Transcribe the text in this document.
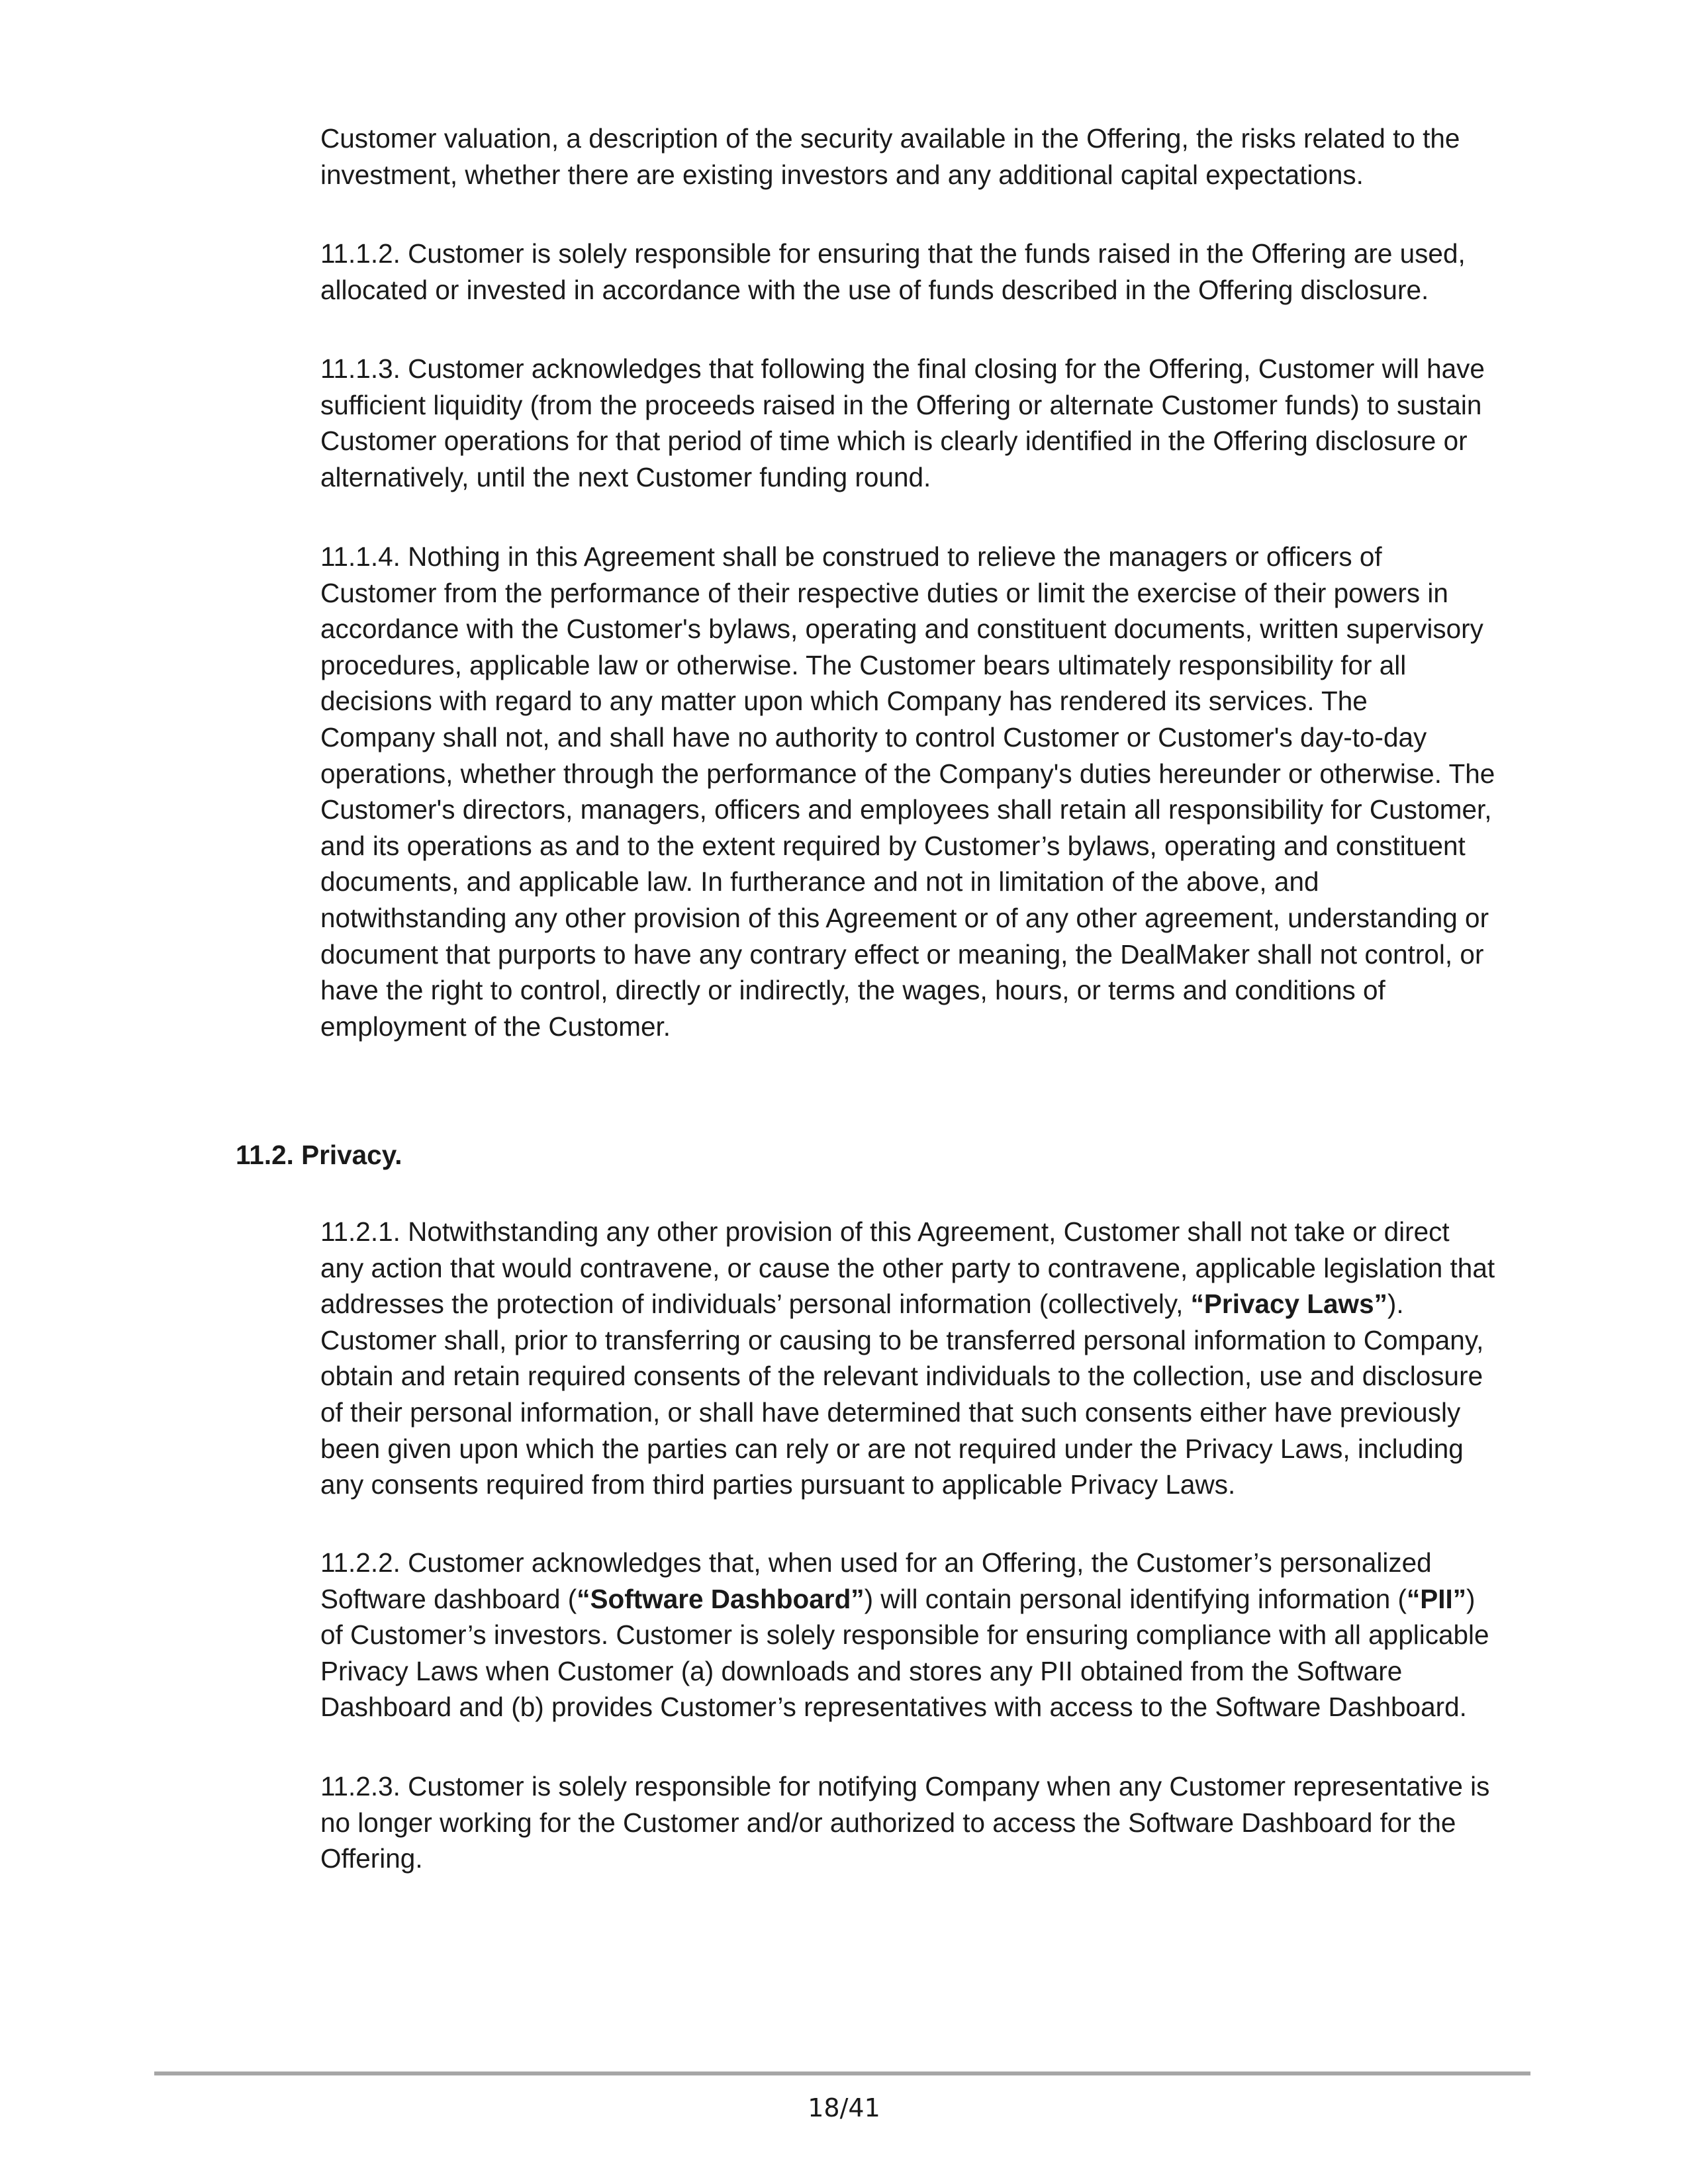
Customer valuation, a description of the security available in the Offering, the risks related to the
investment, whether there are existing investors and any additional capital expectations.

11.1.2. Customer is solely responsible for ensuring that the funds raised in the Offering are used,
allocated or invested in accordance with the use of funds described in the Offering disclosure.

11.1.3. Customer acknowledges that following the final closing for the Offering, Customer will have
sufficient liquidity (from the proceeds raised in the Offering or alternate Customer funds) to sustain
Customer operations for that period of time which is clearly identified in the Offering disclosure or
alternatively, until the next Customer funding round.

11.1.4. Nothing in this Agreement shall be construed to relieve the managers or officers of
Customer from the performance of their respective duties or limit the exercise of their powers in
accordance with the Customer's bylaws, operating and constituent documents, written supervisory
procedures, applicable law or otherwise. The Customer bears ultimately responsibility for all
decisions with regard to any matter upon which Company has rendered its services. The
Company shall not, and shall have no authority to control Customer or Customer's day-to-day
operations, whether through the performance of the Company's duties hereunder or otherwise. The
Customer's directors, managers, officers and employees shall retain all responsibility for Customer,
and its operations as and to the extent required by Customer’s bylaws, operating and constituent
documents, and applicable law. In furtherance and not in limitation of the above, and
notwithstanding any other provision of this Agreement or of any other agreement, understanding or
document that purports to have any contrary effect or meaning, the DealMaker shall not control, or
have the right to control, directly or indirectly, the wages, hours, or terms and conditions of
employment of the Customer.

11.2. Privacy.

11.2.1. Notwithstanding any other provision of this Agreement, Customer shall not take or direct
any action that would contravene, or cause the other party to contravene, applicable legislation that
addresses the protection of individuals’ personal information (collectively, “Privacy Laws”).
Customer shall, prior to transferring or causing to be transferred personal information to Company,
obtain and retain required consents of the relevant individuals to the collection, use and disclosure
of their personal information, or shall have determined that such consents either have previously
been given upon which the parties can rely or are not required under the Privacy Laws, including
any consents required from third parties pursuant to applicable Privacy Laws.

11.2.2. Customer acknowledges that, when used for an Offering, the Customer’s personalized
Software dashboard (“Software Dashboard”) will contain personal identifying information (“PII”)
of Customer’s investors. Customer is solely responsible for ensuring compliance with all applicable
Privacy Laws when Customer (a) downloads and stores any PII obtained from the Software
Dashboard and (b) provides Customer’s representatives with access to the Software Dashboard.

11.2.3. Customer is solely responsible for notifying Company when any Customer representative is
no longer working for the Customer and/or authorized to access the Software Dashboard for the
Offering.

18/41
